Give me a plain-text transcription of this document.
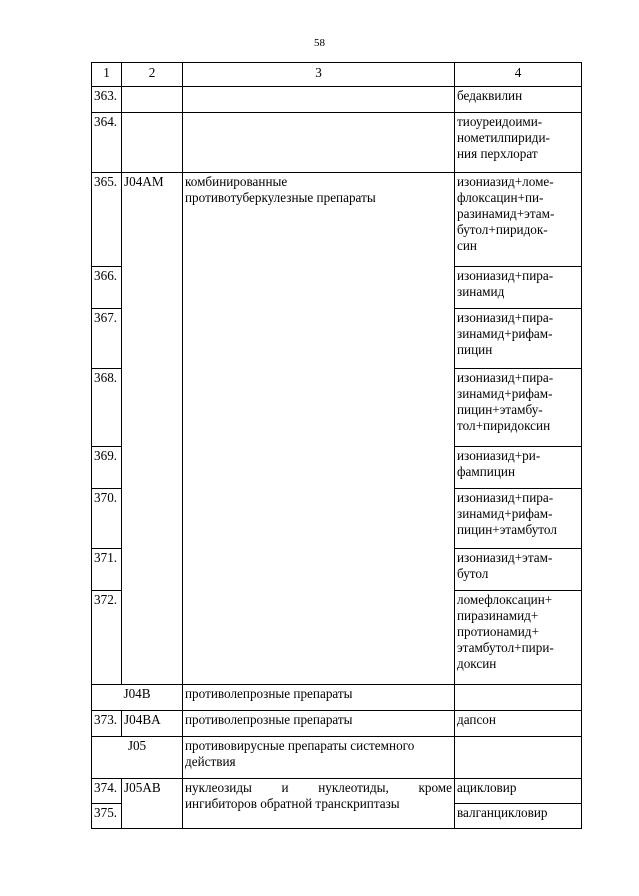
58
1	2	3	4
363.			бедаквилин
364.			тиоуреидоими-
нометилпириди-
ния перхлорат
365.	J04AM	комбинированные
противотуберкулезные препараты	изониазид+ломе-
флоксацин+пи-
разинамид+этам-
бутол+пиридок-
син
366.			изониазид+пира-
зинамид
367.			изониазид+пира-
зинамид+рифам-
пицин
368.			изониазид+пира-
зинамид+рифам-
пицин+этамбу-
тол+пиридоксин
369.			изониазид+ри-
фампицин
370.			изониазид+пира-
зинамид+рифам-
пицин+этамбутол
371.			изониазид+этам-
бутол
372.			ломефлоксацин+
пиразинамид+
протионамид+
этамбутол+пири-
доксин
J04B		противолепрозные препараты	
373.	J04BA	противолепрозные препараты	дапсон
J05		противовирусные препараты системного
действия	
374.	J05AB	нуклеозиды и нуклеотиды, кроме
ингибиторов обратной транскриптазы	ацикловир
375.			валганцикловир
